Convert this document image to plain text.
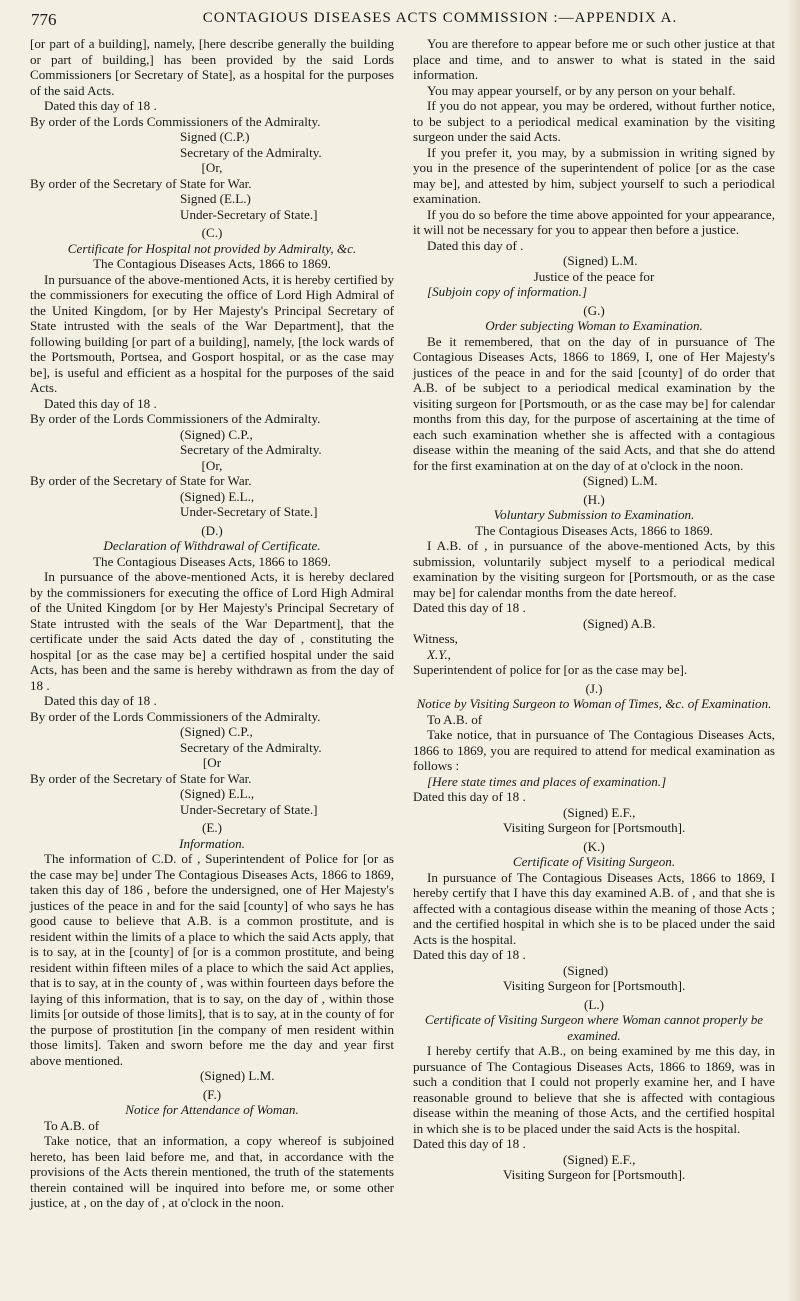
776	CONTAGIOUS DISEASES ACTS COMMISSION :—APPENDIX A.

[or part of a building], namely, [here describe generally the building or part of building,] has been provided by the said Lords Commissioners [or Secretary of State], as a hospital for the purposes of the said Acts.

Dated this day of 18 .

By order of the Lords Commissioners of the Admiralty.

Signed (C.P.)

Secretary of the Admiralty.

[Or,

By order of the Secretary of State for War.

Signed (E.L.)

Under-Secretary of State.]

(C.)

Certificate for Hospital not provided by Admiralty, &c.

The Contagious Diseases Acts, 1866 to 1869.

In pursuance of the above-mentioned Acts, it is hereby certified by the commissioners for executing the office of Lord High Admiral of the United Kingdom, [or by Her Majesty's Principal Secretary of State intrusted with the seals of the War Department], that the following building [or part of a building], namely, [the lock wards of the Portsmouth, Portsea, and Gosport hospital, or as the case may be], is useful and efficient as a hospital for the purposes of the said Acts.

Dated this day of 18 .

By order of the Lords Commissioners of the Admiralty.

(Signed) C.P.,

Secretary of the Admiralty.

[Or,

By order of the Secretary of State for War.

(Signed) E.L.,

Under-Secretary of State.]

(D.)

Declaration of Withdrawal of Certificate.

The Contagious Diseases Acts, 1866 to 1869.

In pursuance of the above-mentioned Acts, it is hereby declared by the commissioners for executing the office of Lord High Admiral of the United Kingdom [or by Her Majesty's Principal Secretary of State intrusted with the seals of the War Department], that the certificate under the said Acts dated the day of , constituting the hospital [or as the case may be] a certified hospital under the said Acts, has been and the same is hereby withdrawn as from the day of 18 .

Dated this day of 18 .

By order of the Lords Commissioners of the Admiralty.

(Signed) C.P.,

Secretary of the Admiralty.

[Or

By order of the Secretary of State for War.

(Signed) E.L.,

Under-Secretary of State.]

(E.)

Information.

The information of C.D. of , Superintendent of Police for [or as the case may be] under The Contagious Diseases Acts, 1866 to 1869, taken this day of 186 , before the undersigned, one of Her Majesty's justices of the peace in and for the said [county] of who says he has good cause to believe that A.B. is a common prostitute, and is resident within the limits of a place to which the said Acts apply, that is to say, at in the [county] of [or is a common prostitute, and being resident within fifteen miles of a place to which the said Act applies, that is to say, at in the county of , was within fourteen days before the laying of this information, that is to say, on the day of , within those limits [or outside of those limits], that is to say, at in the county of for the purpose of prostitution [in the company of men resident within those limits]. Taken and sworn before me the day and year first above mentioned.

(Signed) L.M.

(F.)

Notice for Attendance of Woman.

To A.B. of

Take notice, that an information, a copy whereof is subjoined hereto, has been laid before me, and that, in accordance with the provisions of the Acts therein mentioned, the truth of the statements therein contained will be inquired into before me, or some other justice, at , on the day of , at o'clock in the noon.

You are therefore to appear before me or such other justice at that place and time, and to answer to what is stated in the said information.

You may appear yourself, or by any person on your behalf.

If you do not appear, you may be ordered, without further notice, to be subject to a periodical medical examination by the visiting surgeon under the said Acts.

If you prefer it, you may, by a submission in writing signed by you in the presence of the superintendent of police [or as the case may be], and attested by him, subject yourself to such a periodical examination.

If you do so before the time above appointed for your appearance, it will not be necessary for you to appear then before a justice.

Dated this day of .

(Signed) L.M.

Justice of the peace for

[Subjoin copy of information.]

(G.)

Order subjecting Woman to Examination.

Be it remembered, that on the day of in pursuance of The Contagious Diseases Acts, 1866 to 1869, I, one of Her Majesty's justices of the peace in and for the said [county] of do order that A.B. of be subject to a periodical medical examination by the visiting surgeon for [Portsmouth, or as the case may be] for calendar months from this day, for the purpose of ascertaining at the time of each such examination whether she is affected with a contagious disease within the meaning of the said Acts, and that she do attend for the first examination at on the day of at o'clock in the noon.

(Signed) L.M.

(H.)

Voluntary Submission to Examination.

The Contagious Diseases Acts, 1866 to 1869.

I A.B. of , in pursuance of the above-mentioned Acts, by this submission, voluntarily subject myself to a periodical medical examination by the visiting surgeon for [Portsmouth, or as the case may be] for calendar months from the date hereof.

Dated this day of 18 .

(Signed) A.B.

Witness,

X.Y.,

Superintendent of police for [or as the case may be].

(J.)

Notice by Visiting Surgeon to Woman of Times, &c. of Examination.

To A.B. of

Take notice, that in pursuance of The Contagious Diseases Acts, 1866 to 1869, you are required to attend for medical examination as follows :

[Here state times and places of examination.]

Dated this day of 18 .

(Signed) E.F.,

Visiting Surgeon for [Portsmouth].

(K.)

Certificate of Visiting Surgeon.

In pursuance of The Contagious Diseases Acts, 1866 to 1869, I hereby certify that I have this day examined A.B. of , and that she is affected with a contagious disease within the meaning of those Acts ; and the certified hospital in which she is to be placed under the said Acts is the hospital.

Dated this day of 18 .

(Signed)

Visiting Surgeon for [Portsmouth].

(L.)

Certificate of Visiting Surgeon where Woman cannot properly be examined.

I hereby certify that A.B., on being examined by me this day, in pursuance of The Contagious Diseases Acts, 1866 to 1869, was in such a condition that I could not properly examine her, and I have reasonable ground to believe that she is affected with contagious disease within the meaning of those Acts, and the certified hospital in which she is to be placed under the said Acts is the hospital.

Dated this day of 18 .

(Signed) E.F.,

Visiting Surgeon for [Portsmouth].
